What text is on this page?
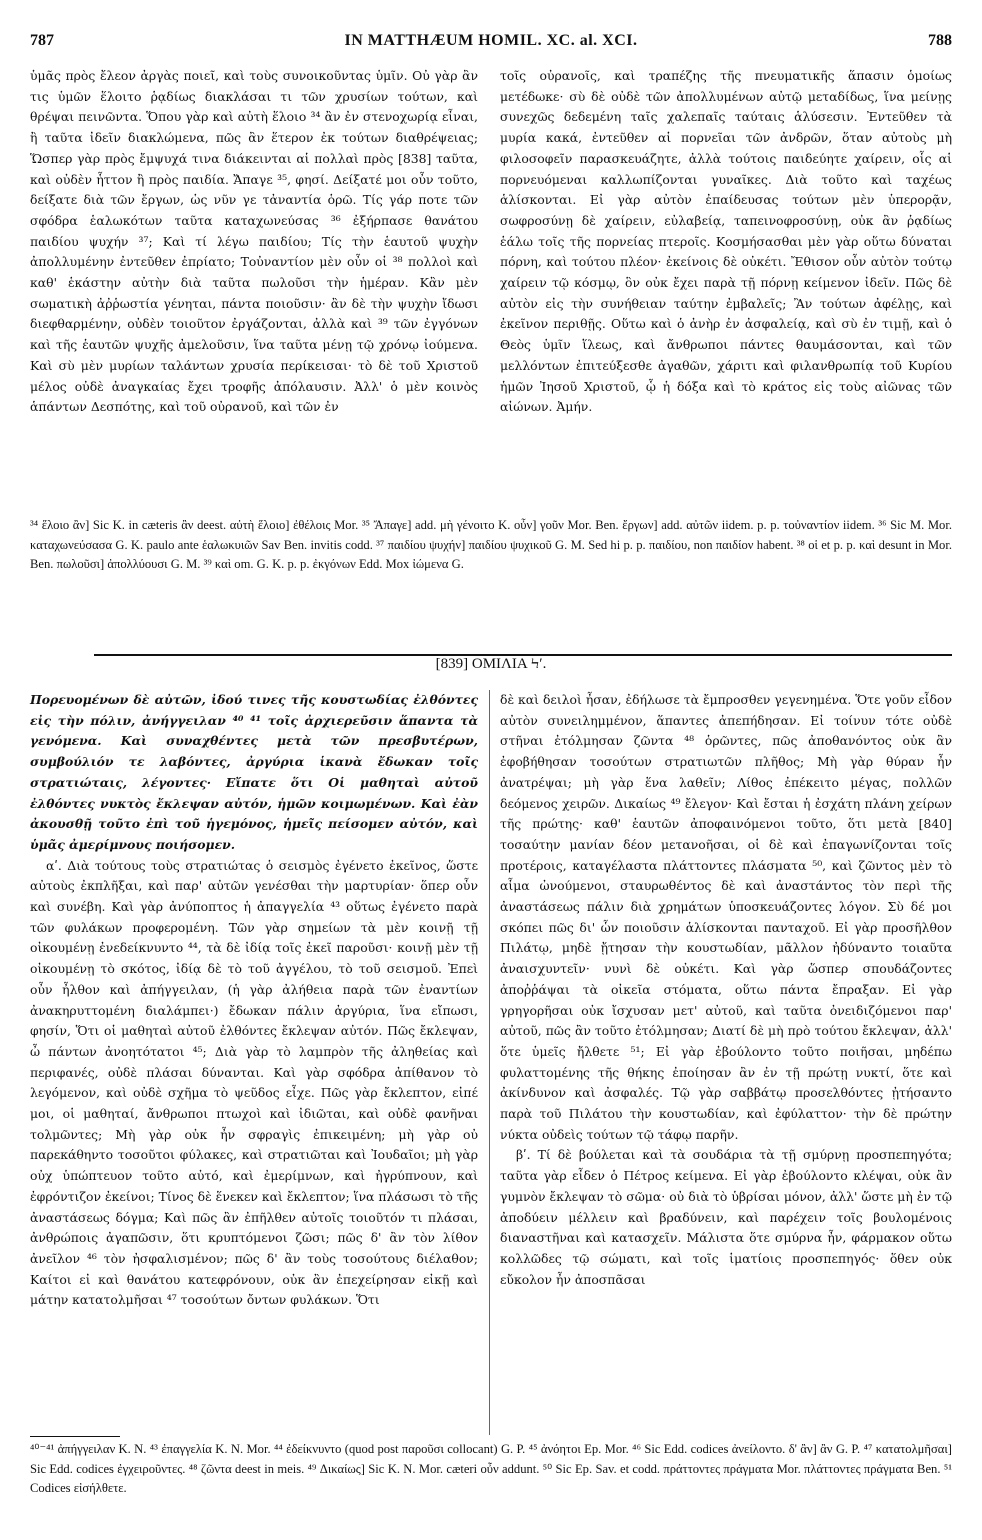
787	IN MATTHÆUM HOMIL. XC. al. XCI.	788

ὑμᾶς πρὸς ἔλεον ἀργὰς ποιεῖ, καὶ τοὺς συνοικοῦντας ὑμῖν. Οὐ γὰρ ἂν τις ὑμῶν ἕλοιτο ῥᾳδίως διακλάσαι τι τῶν χρυσίων τούτων, καὶ θρέψαι πεινῶντα. Ὅπου γὰρ καὶ αὐτὴ ἕλοιο ³⁴ ἂν ἐν στενοχωρίᾳ εἶναι, ἢ ταῦτα ἰδεῖν διακλώμενα, πῶς ἂν ἕτερον ἐκ τούτων διαθρέψειας; Ὥσπερ γὰρ πρὸς ἔμψυχά τινα διάκεινται αἱ πολλαὶ πρὸς [838] ταῦτα, καὶ οὐδὲν ἧττον ἢ πρὸς παιδία. Ἄπαγε ³⁵, φησί. Δείξατέ μοι οὖν τοῦτο, δείξατε διὰ τῶν ἔργων, ὡς νῦν γε τἀναντία ὁρῶ. Τίς γάρ ποτε τῶν σφόδρα ἑαλωκότων ταῦτα καταχωνεύσας ³⁶ ἐξήρπασε θανάτου παιδίου ψυχήν ³⁷; Καὶ τί λέγω παιδίου; Τίς τὴν ἑαυτοῦ ψυχὴν ἀπολλυμένην ἐντεῦθεν ἐπρίατο; Τοὐναντίον μὲν οὖν οἱ ³⁸ πολλοὶ καὶ καθ' ἑκάστην αὐτὴν διὰ ταῦτα πωλοῦσι τὴν ἡμέραν. Κἂν μὲν σωματικὴ ἀῤῥωστία γένηται, πάντα ποιοῦσιν· ἂν δὲ τὴν ψυχὴν ἴδωσι διεφθαρμένην, οὐδὲν τοιοῦτον ἐργάζονται, ἀλλὰ καὶ ³⁹ τῶν ἐγγόνων καὶ τῆς ἑαυτῶν ψυχῆς ἀμελοῦσιν, ἵνα ταῦτα μένῃ τῷ χρόνῳ ἰούμενα. Καὶ σὺ μὲν μυρίων ταλάντων χρυσία περίκεισαι· τὸ δὲ τοῦ Χριστοῦ μέλος οὐδὲ ἀναγκαίας ἔχει τροφῆς ἀπόλαυσιν. Ἀλλ' ὁ μὲν κοινὸς ἁπάντων Δεσπότης, καὶ τοῦ οὐρανοῦ, καὶ τῶν ἐν

τοῖς οὐρανοῖς, καὶ τραπέζης τῆς πνευματικῆς ἅπασιν ὁμοίως μετέδωκε· σὺ δὲ οὐδὲ τῶν ἀπολλυμένων αὐτῷ μεταδίδως, ἵνα μείνῃς συνεχῶς δεδεμένη ταῖς χαλεπαῖς ταύταις ἁλύσεσιν. Ἐντεῦθεν τὰ μυρία κακά, ἐντεῦθεν αἱ πορνεῖαι τῶν ἀνδρῶν, ὅταν αὐτοὺς μὴ φιλοσοφεῖν παρασκευάζητε, ἀλλὰ τούτοις παιδεύητε χαίρειν, οἷς αἱ πορνευόμεναι καλλωπίζονται γυναῖκες. Διὰ τοῦτο καὶ ταχέως ἁλίσκονται. Εἰ γὰρ αὐτὸν ἐπαίδευσας τούτων μὲν ὑπερορᾷν, σωφροσύνῃ δὲ χαίρειν, εὐλαβείᾳ, ταπεινοφροσύνῃ, οὐκ ἂν ῥᾳδίως ἑάλω τοῖς τῆς πορνείας πτεροῖς. Κοσμήσασθαι μὲν γὰρ οὕτω δύναται πόρνη, καὶ τούτου πλέον· ἐκείνοις δὲ οὐκέτι. Ἔθισον οὖν αὐτὸν τούτῳ χαίρειν τῷ κόσμῳ, ὃν οὐκ ἔχει παρὰ τῇ πόρνῃ κείμενον ἰδεῖν. Πῶς δὲ αὐτὸν εἰς τὴν συνήθειαν ταύτην ἐμβαλεῖς; Ἂν τούτων ἀφέλῃς, καὶ ἐκεῖνον περιθῇς. Οὕτω καὶ ὁ ἀνὴρ ἐν ἀσφαλείᾳ, καὶ σὺ ἐν τιμῇ, καὶ ὁ Θεὸς ὑμῖν ἵλεως, καὶ ἄνθρωποι πάντες θαυμάσονται, καὶ τῶν μελλόντων ἐπιτεύξεσθε ἀγαθῶν, χάριτι καὶ φιλανθρωπίᾳ τοῦ Κυρίου ἡμῶν Ἰησοῦ Χριστοῦ, ᾧ ἡ δόξα καὶ τὸ κράτος εἰς τοὺς αἰῶνας τῶν αἰώνων. Ἀμήν.

³⁴ ἕλοιο ἂν] Sic K. in cæteris ἂν deest. αὐτὴ ἕλοιο] ἐθέλοις Mor. ³⁵ Ἄπαγε] add. μὴ γένοιτο K. οὖν] γοῦν Mor. Ben. ἔργων] add. αὐτῶν iidem. p. p. τοὐναντίον iidem. ³⁶ Sic M. Mor. καταχωνεύσασα G. K. paulo ante ἑαλωκυιῶν Sav Ben. invitis codd. ³⁷ παιδίου ψυχήν] παιδίου ψυχικοῦ G. M. Sed hi p. p. παιδίου, non παιδίον habent. ³⁸ οἱ et p. p. καὶ desunt in Mor. Ben. πωλοῦσι] ἀπολλύουσι G. M. ³⁹ καὶ om. G. K. p. p. ἐκγόνων Edd. Mox ἰώμενα G.
[839] ΟΜΙΛΙΑ Ϟʹ.

Πορευομένων δὲ αὐτῶν, ἰδού τινες τῆς κουστωδίας ἐλθόντες εἰς τὴν πόλιν, ἀνήγγειλαν ⁴⁰ ⁴¹ τοῖς ἀρχιερεῦσιν ἅπαντα τὰ γενόμενα. Καὶ συναχθέντες μετὰ τῶν πρεσβυτέρων, συμβούλιόν τε λαβόντες, ἀργύρια ἱκανὰ ἔδωκαν τοῖς στρατιώταις, λέγοντες· Εἴπατε ὅτι Οἱ μαθηταὶ αὐτοῦ ἐλθόντες νυκτὸς ἔκλεψαν αὐτόν, ἡμῶν κοιμωμένων. Καὶ ἐὰν ἀκουσθῇ τοῦτο ἐπὶ τοῦ ἡγεμόνος, ἡμεῖς πείσομεν αὐτόν, καὶ ὑμᾶς ἀμερίμνους ποιήσομεν.

αʹ. Διὰ τούτους τοὺς στρατιώτας ὁ σεισμὸς ἐγένετο ἐκεῖνος, ὥστε αὐτοὺς ἐκπλῆξαι, καὶ παρ' αὐτῶν γενέσθαι τὴν μαρτυρίαν· ὅπερ οὖν καὶ συνέβη. Καὶ γὰρ ἀνύποπτος ἡ ἀπαγγελία ⁴³ οὕτως ἐγένετο παρὰ τῶν φυλάκων προφερομένη. Τῶν γὰρ σημείων τὰ μὲν κοινῇ τῇ οἰκουμένῃ ἐνεδείκνυντο ⁴⁴, τὰ δὲ ἰδίᾳ τοῖς ἐκεῖ παροῦσι· κοινῇ μὲν τῇ οἰκουμένῃ τὸ σκότος, ἰδίᾳ δὲ τὸ τοῦ ἀγγέλου, τὸ τοῦ σεισμοῦ. Ἐπεὶ οὖν ἦλθον καὶ ἀπήγγειλαν, (ἡ γὰρ ἀλήθεια παρὰ τῶν ἐναντίων ἀνακηρυττομένη διαλάμπει·) ἔδωκαν πάλιν ἀργύρια, ἵνα εἴπωσι, φησίν, Ὅτι οἱ μαθηταὶ αὐτοῦ ἐλθόντες ἔκλεψαν αὐτόν. Πῶς ἔκλεψαν, ὦ πάντων ἀνοητότατοι ⁴⁵; Διὰ γὰρ τὸ λαμπρὸν τῆς ἀληθείας καὶ περιφανές, οὐδὲ πλάσαι δύνανται. Καὶ γὰρ σφόδρα ἀπίθανον τὸ λεγόμενον, καὶ οὐδὲ σχῆμα τὸ ψεῦδος εἶχε. Πῶς γὰρ ἔκλεπτον, εἰπέ μοι, οἱ μαθηταί, ἄνθρωποι πτωχοὶ καὶ ἰδιῶται, καὶ οὐδὲ φανῆναι τολμῶντες; Μὴ γὰρ οὐκ ἦν σφραγὶς ἐπικειμένη; μὴ γὰρ οὐ παρεκάθηντο τοσοῦτοι φύλακες, καὶ στρατιῶται καὶ Ἰουδαῖοι; μὴ γὰρ οὐχ ὑπώπτευον τοῦτο αὐτό, καὶ ἐμερίμνων, καὶ ἠγρύπνουν, καὶ ἐφρόντιζον ἐκείνοι; Τίνος δὲ ἕνεκεν καὶ ἔκλεπτον; ἵνα πλάσωσι τὸ τῆς ἀναστάσεως δόγμα; Καὶ πῶς ἂν ἐπῆλθεν αὐτοῖς τοιοῦτόν τι πλάσαι, ἀνθρώποις ἀγαπῶσιν, ὅτι κρυπτόμενοι ζῶσι; πῶς δ' ἂν τὸν λίθον ἀνεῖλον ⁴⁶ τὸν ἠσφαλισμένον; πῶς δ' ἂν τοὺς τοσούτους διέλαθον; Καίτοι εἰ καὶ θανάτου κατεφρόνουν, οὐκ ἂν ἐπεχείρησαν εἰκῇ καὶ μάτην κατατολμῆσαι ⁴⁷ τοσούτων ὄντων φυλάκων. Ὅτι

δὲ καὶ δειλοὶ ἦσαν, ἐδήλωσε τὰ ἔμπροσθεν γεγενημένα. Ὅτε γοῦν εἶδον αὐτὸν συνειλημμένον, ἅπαντες ἀπεπήδησαν. Εἰ τοίνυν τότε οὐδὲ στῆναι ἐτόλμησαν ζῶντα ⁴⁸ ὁρῶντες, πῶς ἀποθανόντος οὐκ ἂν ἐφοβήθησαν τοσούτων στρατιωτῶν πλῆθος; Μὴ γὰρ θύραν ἦν ἀνατρέψαι; μὴ γὰρ ἕνα λαθεῖν; Λίθος ἐπέκειτο μέγας, πολλῶν δεόμενος χειρῶν. Δικαίως ⁴⁹ ἔλεγον· Καὶ ἔσται ἡ ἐσχάτη πλάνη χείρων τῆς πρώτης· καθ' ἑαυτῶν ἀποφαινόμενοι τοῦτο, ὅτι μετὰ [840] τοσαύτην μανίαν δέον μετανοῆσαι, οἱ δὲ καὶ ἐπαγωνίζονται τοῖς προτέροις, καταγέλαστα πλάττοντες πλάσματα ⁵⁰, καὶ ζῶντος μὲν τὸ αἷμα ὠνούμενοι, σταυρωθέντος δὲ καὶ ἀναστάντος τὸν περὶ τῆς ἀναστάσεως πάλιν διὰ χρημάτων ὑποσκευάζοντες λόγον. Σὺ δέ μοι σκόπει πῶς δι' ὧν ποιοῦσιν ἁλίσκονται πανταχοῦ. Εἰ γὰρ προσῆλθον Πιλάτῳ, μηδὲ ᾔτησαν τὴν κουστωδίαν, μᾶλλον ἠδύναντο τοιαῦτα ἀναισχυντεῖν· νυνὶ δὲ οὐκέτι. Καὶ γὰρ ὥσπερ σπουδάζοντες ἀποῤῥάψαι τὰ οἰκεῖα στόματα, οὕτω πάντα ἔπραξαν. Εἰ γὰρ γρηγορῆσαι οὐκ ἴσχυσαν μετ' αὐτοῦ, καὶ ταῦτα ὀνειδιζόμενοι παρ' αὐτοῦ, πῶς ἂν τοῦτο ἐτόλμησαν; Διατί δὲ μὴ πρὸ τούτου ἔκλεψαν, ἀλλ' ὅτε ὑμεῖς ἤλθετε ⁵¹; Εἰ γὰρ ἐβούλοντο τοῦτο ποιῆσαι, μηδέπω φυλαττομένης τῆς θήκης ἐποίησαν ἂν ἐν τῇ πρώτῃ νυκτί, ὅτε καὶ ἀκίνδυνον καὶ ἀσφαλές. Τῷ γὰρ σαββάτῳ προσελθόντες ᾐτήσαντο παρὰ τοῦ Πιλάτου τὴν κουστωδίαν, καὶ ἐφύλαττον· τὴν δὲ πρώτην νύκτα οὐδεὶς τούτων τῷ τάφῳ παρῆν.

βʹ. Τί δὲ βούλεται καὶ τὰ σουδάρια τὰ τῇ σμύρνῃ προσπεπηγότα; ταῦτα γὰρ εἶδεν ὁ Πέτρος κείμενα. Εἰ γὰρ ἐβούλοντο κλέψαι, οὐκ ἂν γυμνὸν ἔκλεψαν τὸ σῶμα· οὐ διὰ τὸ ὑβρίσαι μόνον, ἀλλ' ὥστε μὴ ἐν τῷ ἀποδύειν μέλλειν καὶ βραδύνειν, καὶ παρέχειν τοῖς βουλομένοις διαναστῆναι καὶ κατασχεῖν. Μάλιστα ὅτε σμύρνα ἦν, φάρμακον οὕτω κολλῶδες τῷ σώματι, καὶ τοῖς ἱματίοις προσπεπηγός· ὅθεν οὐκ εὔκολον ἦν ἀποσπᾶσαι

⁴⁰⁻⁴¹ ἀπήγγειλαν K. N. ⁴³ ἐπαγγελία K. N. Mor. ⁴⁴ ἐδείκνυντο (quod post παροῦσι collocant) G. P. ⁴⁵ ἀνόητοι Ep. Mor. ⁴⁶ Sic Edd. codices ἀνείλοντο. δ' ἂν] ἂν G. P. ⁴⁷ κατατολμῆσαι] Sic Edd. codices ἐγχειροῦντες. ⁴⁸ ζῶντα deest in meis. ⁴⁹ Δικαίως] Sic K. N. Mor. cæteri οὖν addunt. ⁵⁰ Sic Ep. Sav. et codd. πράττοντες πράγματα Mor. πλάττοντες πράγματα Ben. ⁵¹ Codices εἰσήλθετε.
